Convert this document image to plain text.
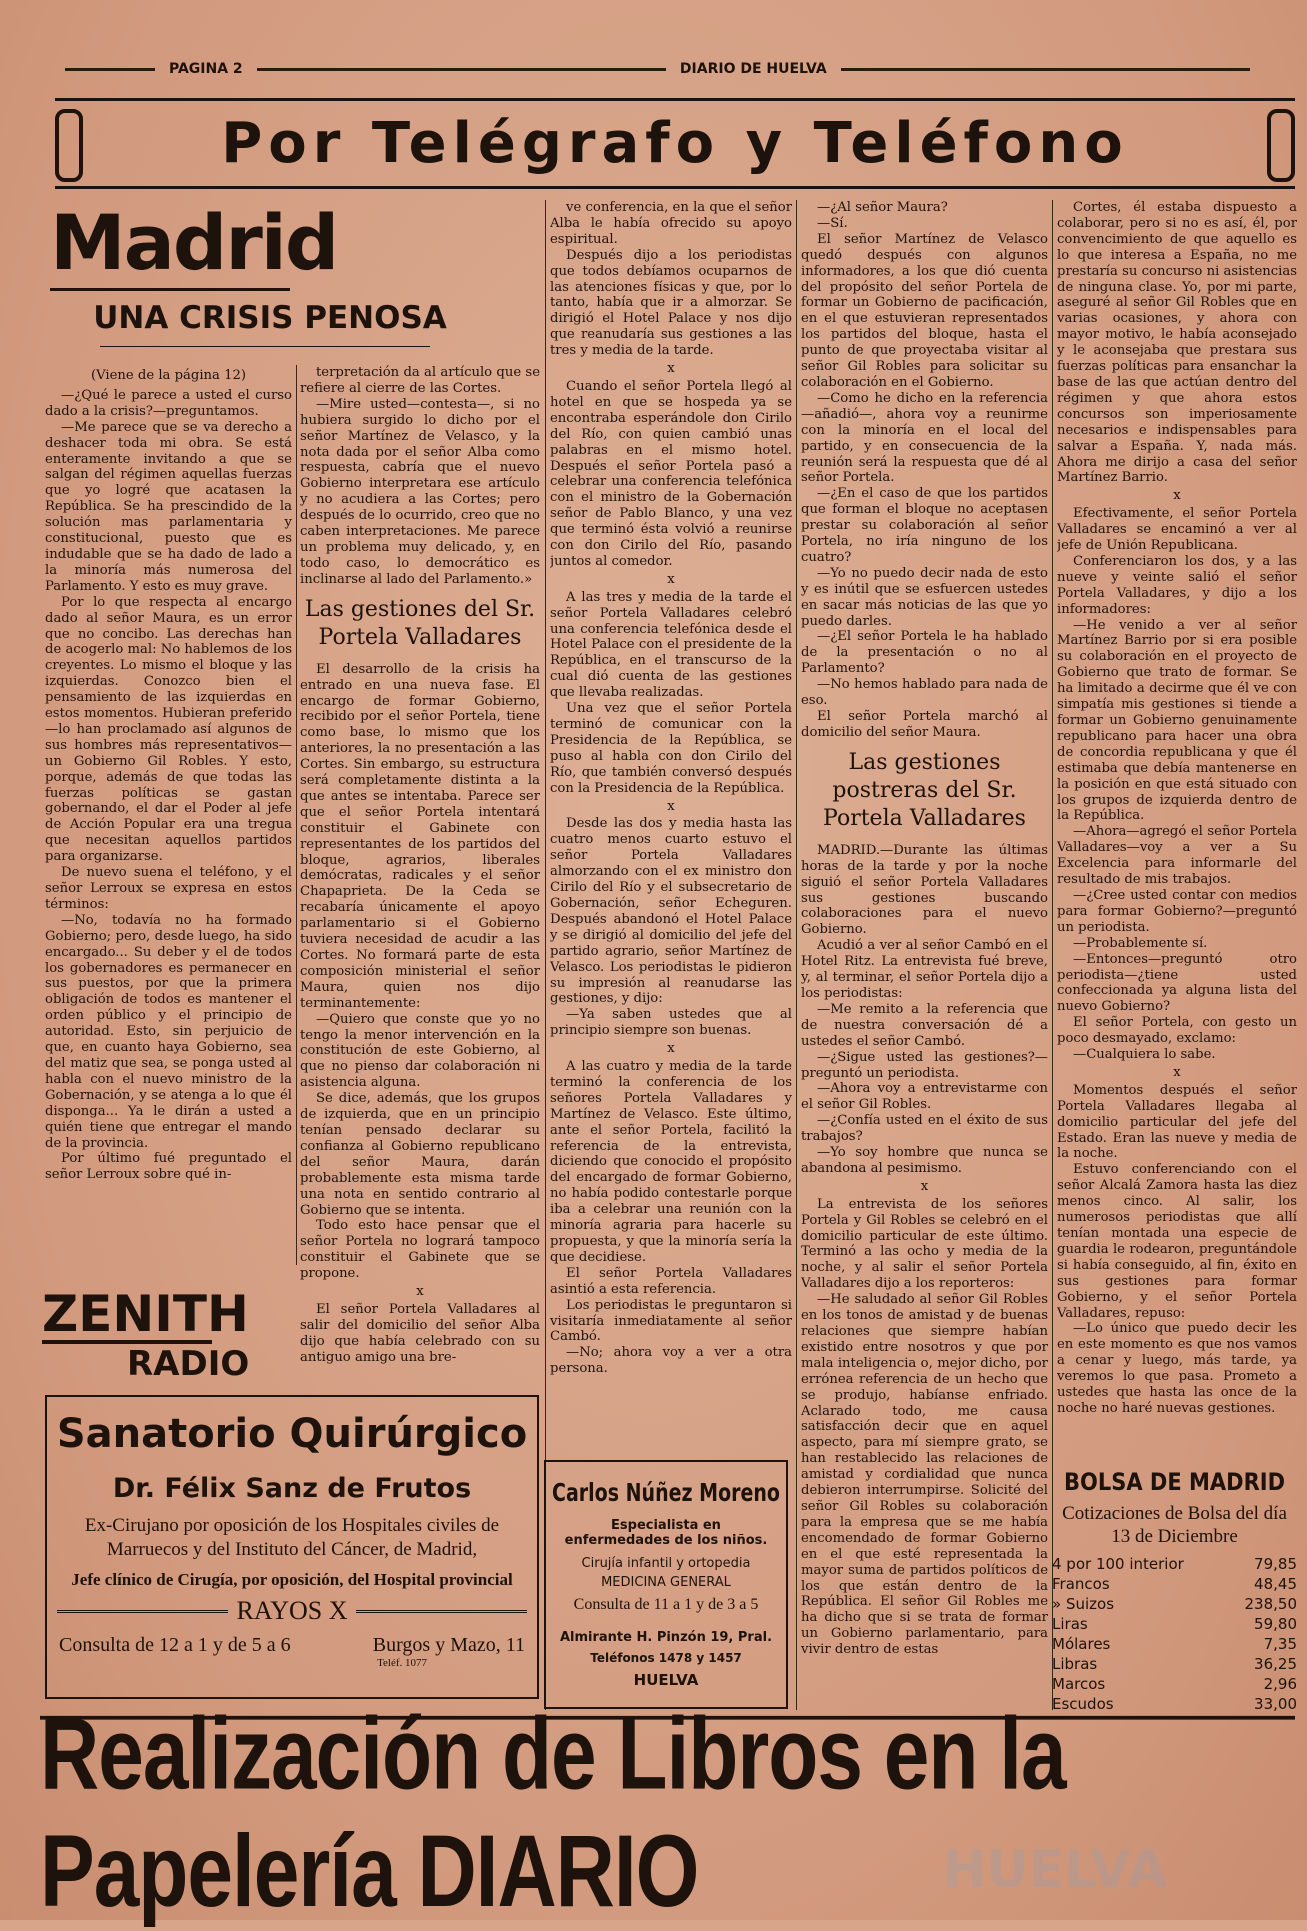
PAGINA 2	DIARIO DE HUELVA
Por Telégrafo y Teléfono
Madrid
UNA CRISIS PENOSA
(Viene de la página 12)

—¿Qué le parece a usted el curso dado a la crisis?—preguntamos.

—Me parece que se va derecho a deshacer toda mi obra. Se está enteramente invitando a que se salgan del régimen aquellas fuerzas que yo logré que acatasen la República. Se ha prescindido de la solución mas parlamentaria y constitucional, puesto que es indudable que se ha dado de lado a la minoría más numerosa del Parlamento. Y esto es muy grave.

Por lo que respecta al encargo dado al señor Maura, es un error que no concibo. Las derechas han de acogerlo mal: No hablemos de los creyentes. Lo mismo el bloque y las izquierdas. Conozco bien el pensamiento de las izquierdas en estos momentos. Hubieran preferido—lo han proclamado así algunos de sus hombres más representativos—un Gobierno Gil Robles. Y esto, porque, además de que todas las fuerzas políticas se gastan gobernando, el dar el Poder al jefe de Acción Popular era una tregua que necesitan aquellos partidos para organizarse.

De nuevo suena el teléfono, y el señor Lerroux se expresa en estos términos:

—No, todavía no ha formado Gobierno; pero, desde luego, ha sido encargado... Su deber y el de todos los gobernadores es permanecer en sus puestos, por que la primera obligación de todos es mantener el orden público y el principio de autoridad. Esto, sin perjuicio de que, en cuanto haya Gobierno, sea del matiz que sea, se ponga usted al habla con el nuevo ministro de la Gobernación, y se atenga a lo que él disponga... Ya le dirán a usted a quién tiene que entregar el mando de la provincia.

Por último fué preguntado el señor Lerroux sobre qué in-

terpretación da al artículo que se refiere al cierre de las Cortes.

—Mire usted—contesta—, si no hubiera surgido lo dicho por el señor Martínez de Velasco, y la nota dada por el señor Alba como respuesta, cabría que el nuevo Gobierno interpretara ese artículo y no acudiera a las Cortes; pero después de lo ocurrido, creo que no caben interpretaciones. Me parece un problema muy delicado, y, en todo caso, lo democrático es inclinarse al lado del Parlamento.»

Las gestiones del Sr. Portela Valladares

El desarrollo de la crisis ha entrado en una nueva fase. El encargo de formar Gobierno, recibido por el señor Portela, tiene como base, lo mismo que los anteriores, la no presentación a las Cortes. Sin embargo, su estructura será completamente distinta a la que antes se intentaba. Parece ser que el señor Portela intentará constituir el Gabinete con representantes de los partidos del bloque, agrarios, liberales demócratas, radicales y el señor Chapaprieta. De la Ceda se recabaría únicamente el apoyo parlamentario si el Gobierno tuviera necesidad de acudir a las Cortes. No formará parte de esta composición ministerial el señor Maura, quien nos dijo terminantemente:

—Quiero que conste que yo no tengo la menor intervención en la constitución de este Gobierno, al que no pienso dar colaboración ni asistencia alguna.

Se dice, además, que los grupos de izquierda, que en un principio tenían pensado declarar su confianza al Gobierno republicano del señor Maura, darán probablemente esta misma tarde una nota en sentido contrario al Gobierno que se intenta.

Todo esto hace pensar que el señor Portela no logrará tampoco constituir el Gabinete que se propone.

x

El señor Portela Valladares al salir del domicilio del señor Alba dijo que había celebrado con su antiguo amigo una bre-

ve conferencia, en la que el señor Alba le había ofrecido su apoyo espiritual.

Después dijo a los periodistas que todos debíamos ocuparnos de las atenciones físicas y que, por lo tanto, había que ir a almorzar. Se dirigió el Hotel Palace y nos dijo que reanudaría sus gestiones a las tres y media de la tarde.

x

Cuando el señor Portela llegó al hotel en que se hospeda ya se encontraba esperándole don Cirilo del Río, con quien cambió unas palabras en el mismo hotel. Después el señor Portela pasó a celebrar una conferencia telefónica con el ministro de la Gobernación señor de Pablo Blanco, y una vez que terminó ésta volvió a reunirse con don Cirilo del Río, pasando juntos al comedor.

x

A las tres y media de la tarde el señor Portela Valladares celebró una conferencia telefónica desde el Hotel Palace con el presidente de la República, en el transcurso de la cual dió cuenta de las gestiones que llevaba realizadas.

Una vez que el señor Portela terminó de comunicar con la Presidencia de la República, se puso al habla con don Cirilo del Río, que también conversó después con la Presidencia de la República.

x

Desde las dos y media hasta las cuatro menos cuarto estuvo el señor Portela Valladares almorzando con el ex ministro don Cirilo del Río y el subsecretario de Gobernación, señor Echeguren. Después abandonó el Hotel Palace y se dirigió al domicilio del jefe del partido agrario, señor Martínez de Velasco. Los periodistas le pidieron su impresión al reanudarse las gestiones, y dijo:

—Ya saben ustedes que al principio siempre son buenas.

x

A las cuatro y media de la tarde terminó la conferencia de los señores Portela Valladares y Martínez de Velasco. Este último, ante el señor Portela, facilitó la referencia de la entrevista, diciendo que conocido el propósito del encargado de formar Gobierno, no había podido contestarle porque iba a celebrar una reunión con la minoría agraria para hacerle su propuesta, y que la minoría sería la que decidiese.

El señor Portela Valladares asintió a esta referencia.

Los periodistas le preguntaron si visitaría inmediatamente al señor Cambó.

—No; ahora voy a ver a otra persona.

—¿Al señor Maura?

—Sí.

El señor Martínez de Velasco quedó después con algunos informadores, a los que dió cuenta del propósito del señor Portela de formar un Gobierno de pacificación, en el que estuvieran representados los partidos del bloque, hasta el punto de que proyectaba visitar al señor Gil Robles para solicitar su colaboración en el Gobierno.

—Como he dicho en la referencia—añadió—, ahora voy a reunirme con la minoría en el local del partido, y en consecuencia de la reunión será la respuesta que dé al señor Portela.

—¿En el caso de que los partidos que forman el bloque no aceptasen prestar su colaboración al señor Portela, no iría ninguno de los cuatro?

—Yo no puedo decir nada de esto y es inútil que se esfuercen ustedes en sacar más noticias de las que yo puedo darles.

—¿El señor Portela le ha hablado de la presentación o no al Parlamento?

—No hemos hablado para nada de eso.

El señor Portela marchó al domicilio del señor Maura.

Las gestiones postreras del Sr. Portela Valladares

MADRID.—Durante las últimas horas de la tarde y por la noche siguió el señor Portela Valladares sus gestiones buscando colaboraciones para el nuevo Gobierno.

Acudió a ver al señor Cambó en el Hotel Ritz. La entrevista fué breve, y, al terminar, el señor Portela dijo a los periodistas:

—Me remito a la referencia que de nuestra conversación dé a ustedes el señor Cambó.

—¿Sigue usted las gestiones?—preguntó un periodista.

—Ahora voy a entrevistarme con el señor Gil Robles.

—¿Confía usted en el éxito de sus trabajos?

—Yo soy hombre que nunca se abandona al pesimismo.

x

La entrevista de los señores Portela y Gil Robles se celebró en el domicilio particular de este último. Terminó a las ocho y media de la noche, y al salir el señor Portela Valladares dijo a los reporteros:

—He saludado al señor Gil Robles en los tonos de amistad y de buenas relaciones que siempre habían existido entre nosotros y que por mala inteligencia o, mejor dicho, por errónea referencia de un hecho que se produjo, habíanse enfriado. Aclarado todo, me causa satisfacción decir que en aquel aspecto, para mí siempre grato, se han restablecido las relaciones de amistad y cordialidad que nunca debieron interrumpirse. Solicité del señor Gil Robles su colaboración para la empresa que se me había encomendado de formar Gobierno en el que esté representada la mayor suma de partidos políticos de los que están dentro de la República. El señor Gil Robles me ha dicho que si se trata de formar un Gobierno parlamentario, para vivir dentro de estas

Cortes, él estaba dispuesto a colaborar, pero si no es así, él, por convencimiento de que aquello es lo que interesa a España, no me prestaría su concurso ni asistencias de ninguna clase. Yo, por mi parte, aseguré al señor Gil Robles que en varias ocasiones, y ahora con mayor motivo, le había aconsejado y le aconsejaba que prestara sus fuerzas políticas para ensanchar la base de las que actúan dentro del régimen y que ahora estos concursos son imperiosamente necesarios e indispensables para salvar a España. Y, nada más. Ahora me dirijo a casa del señor Martínez Barrio.

x

Efectivamente, el señor Portela Valladares se encaminó a ver al jefe de Unión Republicana.

Conferenciaron los dos, y a las nueve y veinte salió el señor Portela Valladares, y dijo a los informadores:

—He venido a ver al señor Martínez Barrio por si era posible su colaboración en el proyecto de Gobierno que trato de formar. Se ha limitado a decirme que él ve con simpatía mis gestiones si tiende a formar un Gobierno genuinamente republicano para hacer una obra de concordia republicana y que él estimaba que debía mantenerse en la posición en que está situado con los grupos de izquierda dentro de la República.

—Ahora—agregó el señor Portela Valladares—voy a ver a Su Excelencia para informarle del resultado de mis trabajos.

—¿Cree usted contar con medios para formar Gobierno?—preguntó un periodista.

—Probablemente sí.

—Entonces—preguntó otro periodista—¿tiene usted confeccionada ya alguna lista del nuevo Gobierno?

El señor Portela, con gesto un poco desmayado, exclamo:

—Cualquiera lo sabe.

x

Momentos después el señor Portela Valladares llegaba al domicilio particular del jefe del Estado. Eran las nueve y media de la noche.

Estuvo conferenciando con el señor Alcalá Zamora hasta las diez menos cinco. Al salir, los numerosos periodistas que allí tenían montada una especie de guardia le rodearon, preguntándole si había conseguido, al fin, éxito en sus gestiones para formar Gobierno, y el señor Portela Valladares, repuso:

—Lo único que puedo decir les en este momento es que nos vamos a cenar y luego, más tarde, ya veremos lo que pasa. Prometo a ustedes que hasta las once de la noche no haré nuevas gestiones.

ZENITH
RADIO
Sanatorio Quirúrgico
Dr. Félix Sanz de Frutos
Ex-Cirujano por oposición de los Hospitales civiles de Marruecos y del Instituto del Cáncer, de Madrid,
Jefe clínico de Cirugía, por oposición, del Hospital provincial
RAYOS X
Consulta de 12 a 1 y de 5 a 6	Burgos y Mazo, 11
Teléf. 1077
Carlos Núñez Moreno
Especialista en enfermedades de los niños.
Cirujía infantil y ortopedia
MEDICINA GENERAL
Consulta de 11 a 1 y de 3 a 5
Almirante H. Pinzón 19, Pral.
Teléfonos 1478 y 1457
HUELVA
BOLSA DE MADRID
Cotizaciones de Bolsa del día 13 de Diciembre
4 por 100 interior	79,85
Francos	48,45
» Suizos	238,50
Liras	59,80
Mólares	7,35
Libras	36,25
Marcos	2,96
Escudos	33,00
Realización de Libros en la Papelería DIARIO	HUELVA
